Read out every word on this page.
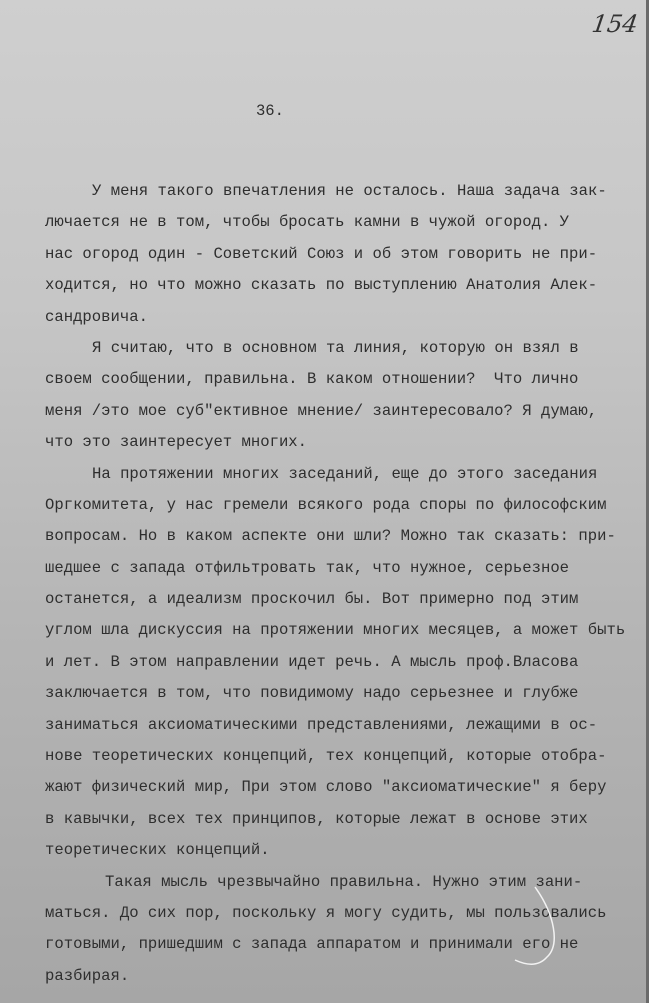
154
36.
У меня такого впечатления не осталось. Наша задача зак-
лючается не в том, чтобы бросать камни в чужой огород. У
нас огород один - Советский Союз и об этом говорить не при-
ходится, но что можно сказать по выступлению Анатолия Алек-
сандровича.
Я считаю, что в основном та линия, которую он взял в
своем сообщении, правильна. В каком отношении?  Что лично
меня /это мое суб"ективное мнение/ заинтересовало? Я думаю,
что это заинтересует многих.
На протяжении многих заседаний, еще до этого заседания
Оргкомитета, у нас гремели всякого рода споры по философским
вопросам. Но в каком аспекте они шли? Можно так сказать: при-
шедшее с запада отфильтровать так, что нужное, серьезное
останется, а идеализм проскочил бы. Вот примерно под этим
углом шла дискуссия на протяжении многих месяцев, а может быть
и лет. В этом направлении идет речь. А мысль проф.Власова
заключается в том, что повидимому надо серьезнее и глубже
заниматься аксиоматическими представлениями, лежащими в ос-
нове теоретических концепций, тех концепций, которые отобра-
жают физический мир, При этом слово "аксиоматические" я беру
в кавычки, всех тех принципов, которые лежат в основе этих
теоретических концепций.
Такая мысль чрезвычайно правильна. Нужно этим зани-
маться. До сих пор, поскольку я могу судить, мы пользовались
готовыми, пришедшим с запада аппаратом и принимали его не
разбирая.
